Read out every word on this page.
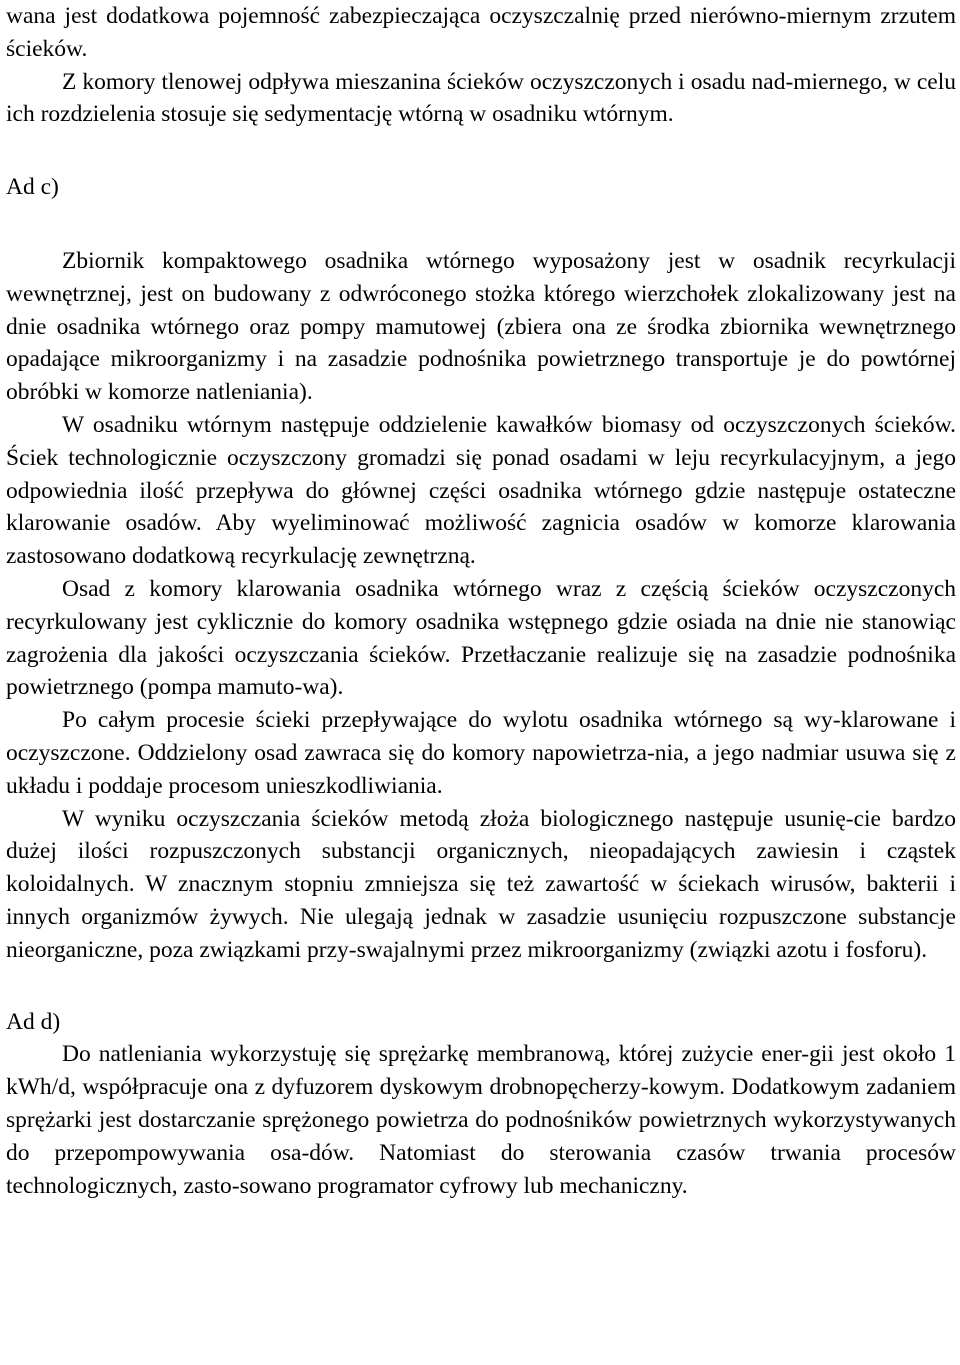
wana jest dodatkowa pojemność zabezpieczająca oczyszczalnię przed nierówno-miernym zrzutem ścieków.

Z komory tlenowej odpływa mieszanina ścieków oczyszczonych i osadu nad-miernego, w celu ich rozdzielenia stosuje się sedymentację wtórną w osadniku wtórnym.

Ad c)

Zbiornik kompaktowego osadnika wtórnego wyposażony jest w osadnik recyrkulacji wewnętrznej, jest on budowany z odwróconego stożka którego wierzchołek zlokalizowany jest na dnie osadnika wtórnego oraz pompy mamutowej (zbiera ona ze środka zbiornika wewnętrznego opadające mikroorganizmy i na zasadzie podnośnika powietrznego transportuje je do powtórnej obróbki w komorze natleniania).

W osadniku wtórnym następuje oddzielenie kawałków biomasy od oczyszczonych ścieków. Ściek technologicznie oczyszczony gromadzi się ponad osadami w leju recyrkulacyjnym, a jego odpowiednia ilość przepływa do głównej części osadnika wtórnego gdzie następuje ostateczne klarowanie osadów. Aby wyeliminować możliwość zagnicia osadów w komorze klarowania zastosowano dodatkową recyrkulację zewnętrzną.

Osad z komory klarowania osadnika wtórnego wraz z częścią ścieków oczyszczonych recyrkulowany jest cyklicznie do komory osadnika wstępnego gdzie osiada na dnie nie stanowiąc zagrożenia dla jakości oczyszczania ścieków. Przetłaczanie realizuje się na zasadzie podnośnika powietrznego (pompa mamuto-wa).

Po całym procesie ścieki przepływające do wylotu osadnika wtórnego są wy-klarowane i oczyszczone. Oddzielony osad zawraca się do komory napowietrza-nia, a jego nadmiar usuwa się z układu i poddaje procesom unieszkodliwiania.

W wyniku oczyszczania ścieków metodą złoża biologicznego następuje usunię-cie bardzo dużej ilości rozpuszczonych substancji organicznych, nieopadających zawiesin i cząstek koloidalnych. W znacznym stopniu zmniejsza się też zawartość w ściekach wirusów, bakterii i innych organizmów żywych. Nie ulegają jednak w zasadzie usunięciu rozpuszczone substancje nieorganiczne, poza związkami przy-swajalnymi przez mikroorganizmy (związki azotu i fosforu).

Ad d)

Do natleniania wykorzystuję się sprężarkę membranową, której zużycie ener-gii jest około 1 kWh/d, współpracuje ona z dyfuzorem dyskowym drobnopęcherzy-kowym. Dodatkowym zadaniem sprężarki jest dostarczanie sprężonego powietrza do podnośników powietrznych wykorzystywanych do przepompowywania osa-dów. Natomiast do sterowania czasów trwania procesów technologicznych, zasto-sowano programator cyfrowy lub mechaniczny.
